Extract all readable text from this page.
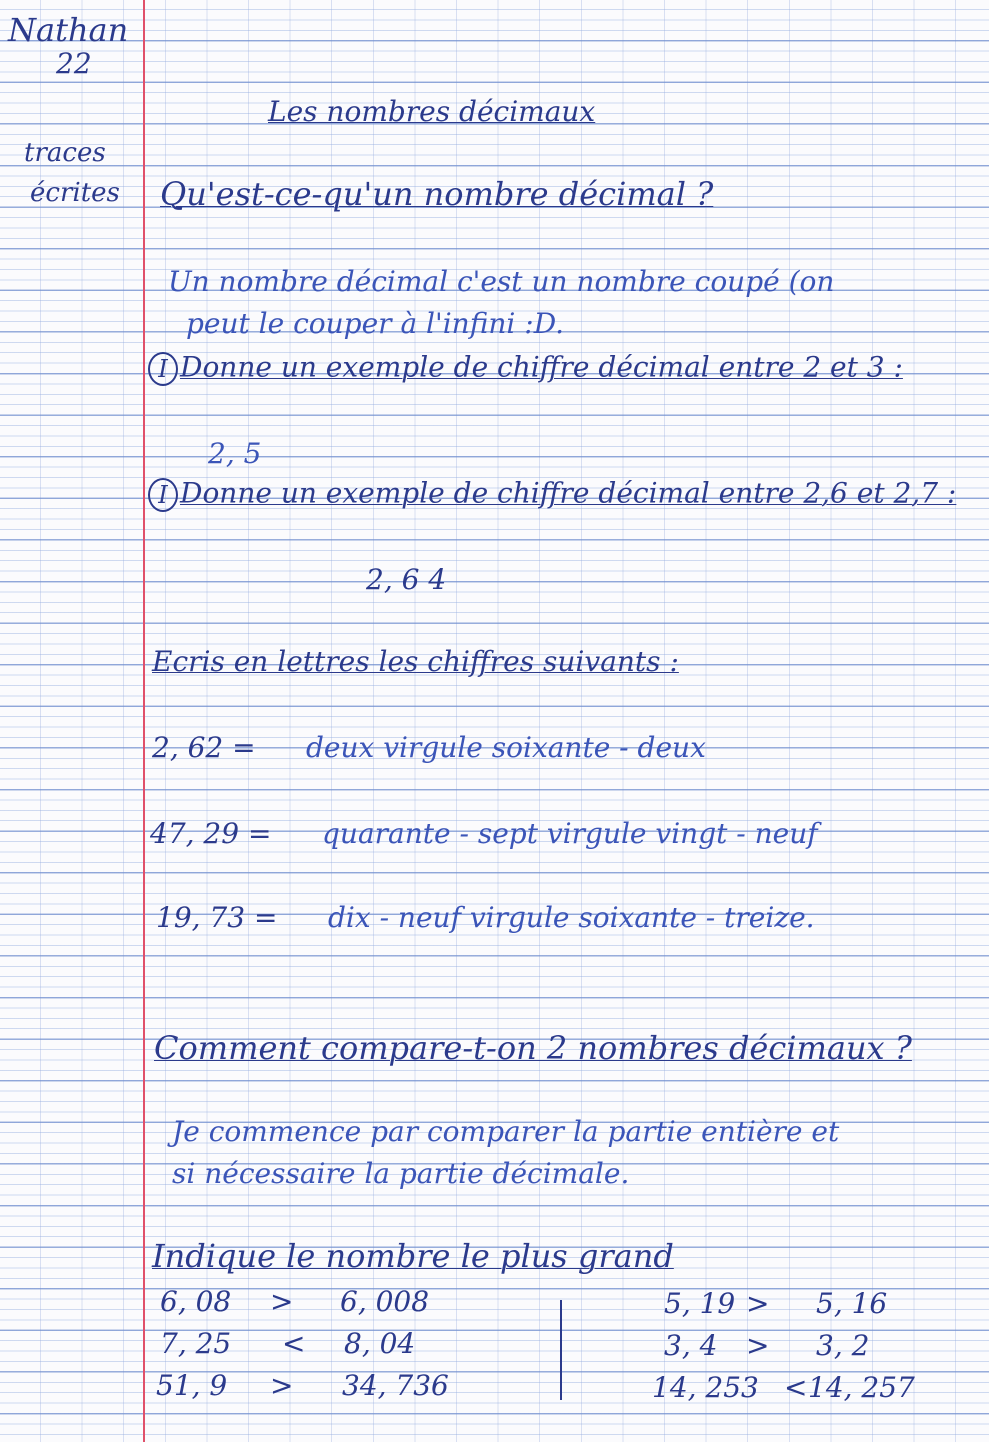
Nathan
22
traces
écrites
Les nombres décimaux
Qu'est-ce-qu'un nombre décimal ?
Un nombre décimal c'est un nombre coupé (on
peut le couper à l'infini :D.
I Donne un exemple de chiffre décimal entre 2 et 3 :
2, 5
I Donne un exemple de chiffre décimal entre 2,6 et 2,7 :
2, 6 4
Ecris en lettres les chiffres suivants :
2, 62 = deux virgule soixante - deux
47, 29 = quarante - sept virgule vingt - neuf
19, 73 = dix - neuf virgule soixante - treize.
Comment compare-t-on 2 nombres décimaux ?
Je commence par comparer la partie entière et
si nécessaire la partie décimale.
Indique le nombre le plus grand
6, 08 > 6, 008
7, 25 < 8, 04
51, 9 > 34, 736
5, 19 > 5, 16
3, 4 > 3, 2
14, 253 < 14, 257
